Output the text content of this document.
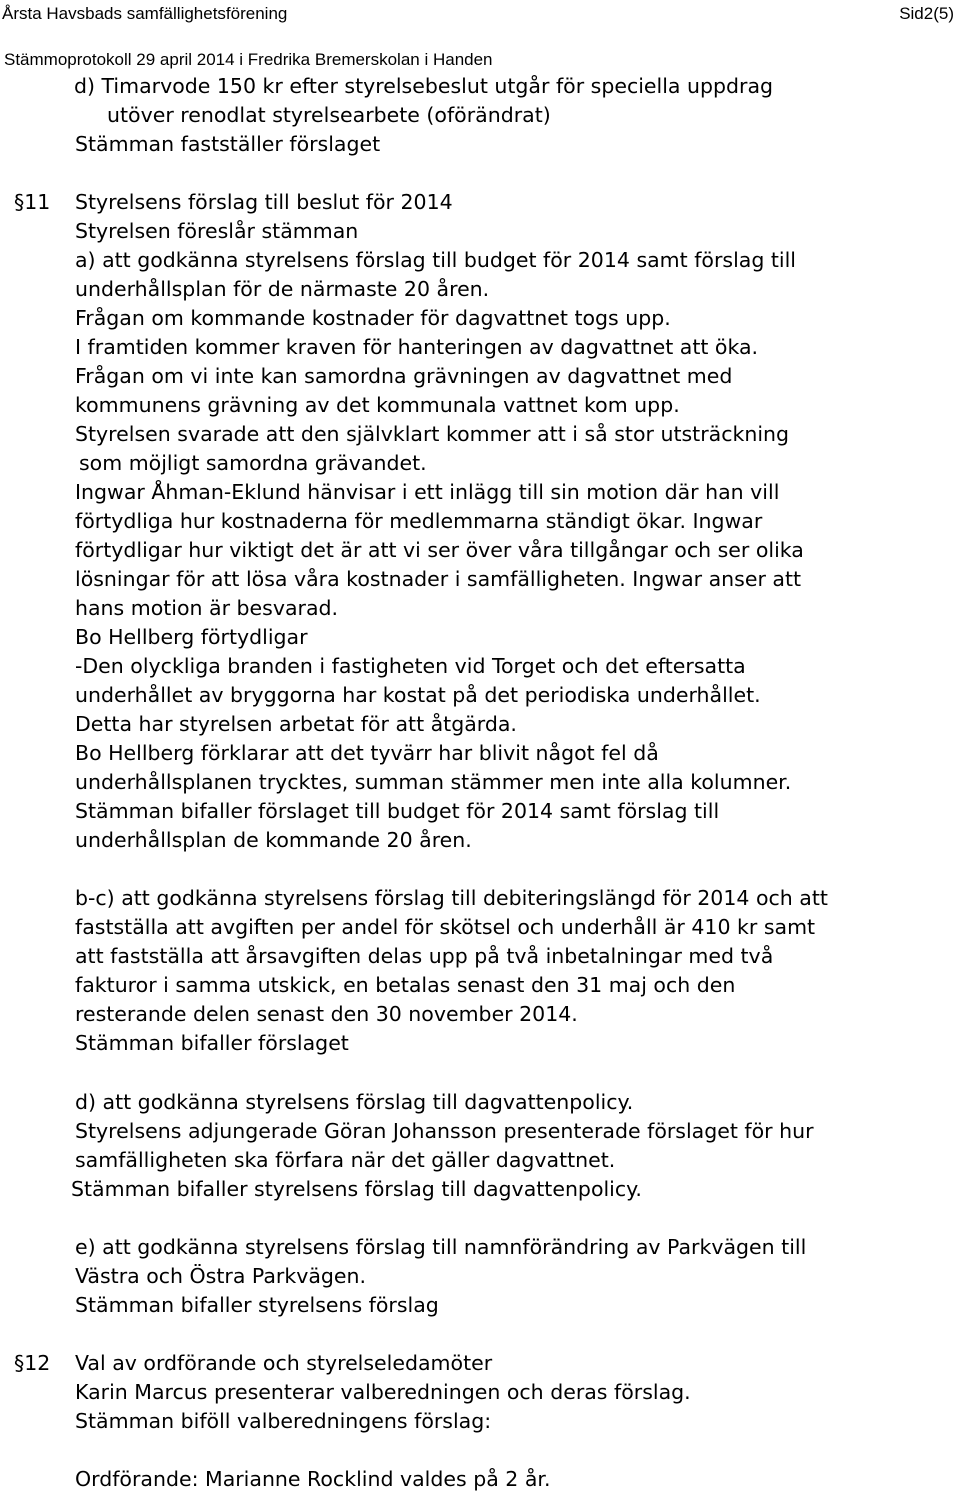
Årsta Havsbads samfällighetsförening	Sid2(5)
Stämmoprotokoll 29 april 2014 i Fredrika Bremerskolan i Handen
d) Timarvode 150 kr efter styrelsebeslut utgår för speciella uppdrag
utöver renodlat styrelsearbete (oförändrat)
Stämman fastställer förslaget
§11 Styrelsens förslag till beslut för 2014
Styrelsen föreslår stämman
a) att godkänna styrelsens förslag till budget för 2014 samt förslag till
underhållsplan för de närmaste 20 åren.
Frågan om kommande kostnader för dagvattnet togs upp.
I framtiden kommer kraven för hanteringen av dagvattnet att öka.
Frågan om vi inte kan samordna grävningen av dagvattnet med
kommunens grävning av det kommunala vattnet kom upp.
Styrelsen svarade att den självklart kommer att i så stor utsträckning
som möjligt samordna grävandet.
Ingwar Åhman-Eklund hänvisar i ett inlägg till sin motion där han vill
förtydliga hur kostnaderna för medlemmarna ständigt ökar. Ingwar
förtydligar hur viktigt det är att vi ser över våra tillgångar och ser olika
lösningar för att lösa våra kostnader i samfälligheten. Ingwar anser att
hans motion är besvarad.
Bo Hellberg förtydligar
-Den olyckliga branden i fastigheten vid Torget och det eftersatta
underhållet av bryggorna har kostat på det periodiska underhållet.
Detta har styrelsen arbetat för att åtgärda.
Bo Hellberg förklarar att det tyvärr har blivit något fel då
underhållsplanen trycktes, summan stämmer men inte alla kolumner.
Stämman bifaller förslaget till budget för 2014 samt förslag till
underhållsplan de kommande 20 åren.
b-c) att godkänna styrelsens förslag till debiteringslängd för 2014 och att
fastställa att avgiften per andel för skötsel och underhåll är 410 kr samt
att fastställa att årsavgiften delas upp på två inbetalningar med två
fakturor i samma utskick, en betalas senast den 31 maj och den
resterande delen senast den 30 november 2014.
Stämman bifaller förslaget
d) att godkänna styrelsens förslag till dagvattenpolicy.
Styrelsens adjungerade Göran Johansson presenterade förslaget för hur
samfälligheten ska förfara när det gäller dagvattnet.
Stämman bifaller styrelsens förslag till dagvattenpolicy.
e) att godkänna styrelsens förslag till namnförändring av Parkvägen till
Västra och Östra Parkvägen.
Stämman bifaller styrelsens förslag
§12 Val av ordförande och styrelseledamöter
Karin Marcus presenterar valberedningen och deras förslag.
Stämman biföll valberedningens förslag:
Ordförande: Marianne Rocklind valdes på 2 år.
